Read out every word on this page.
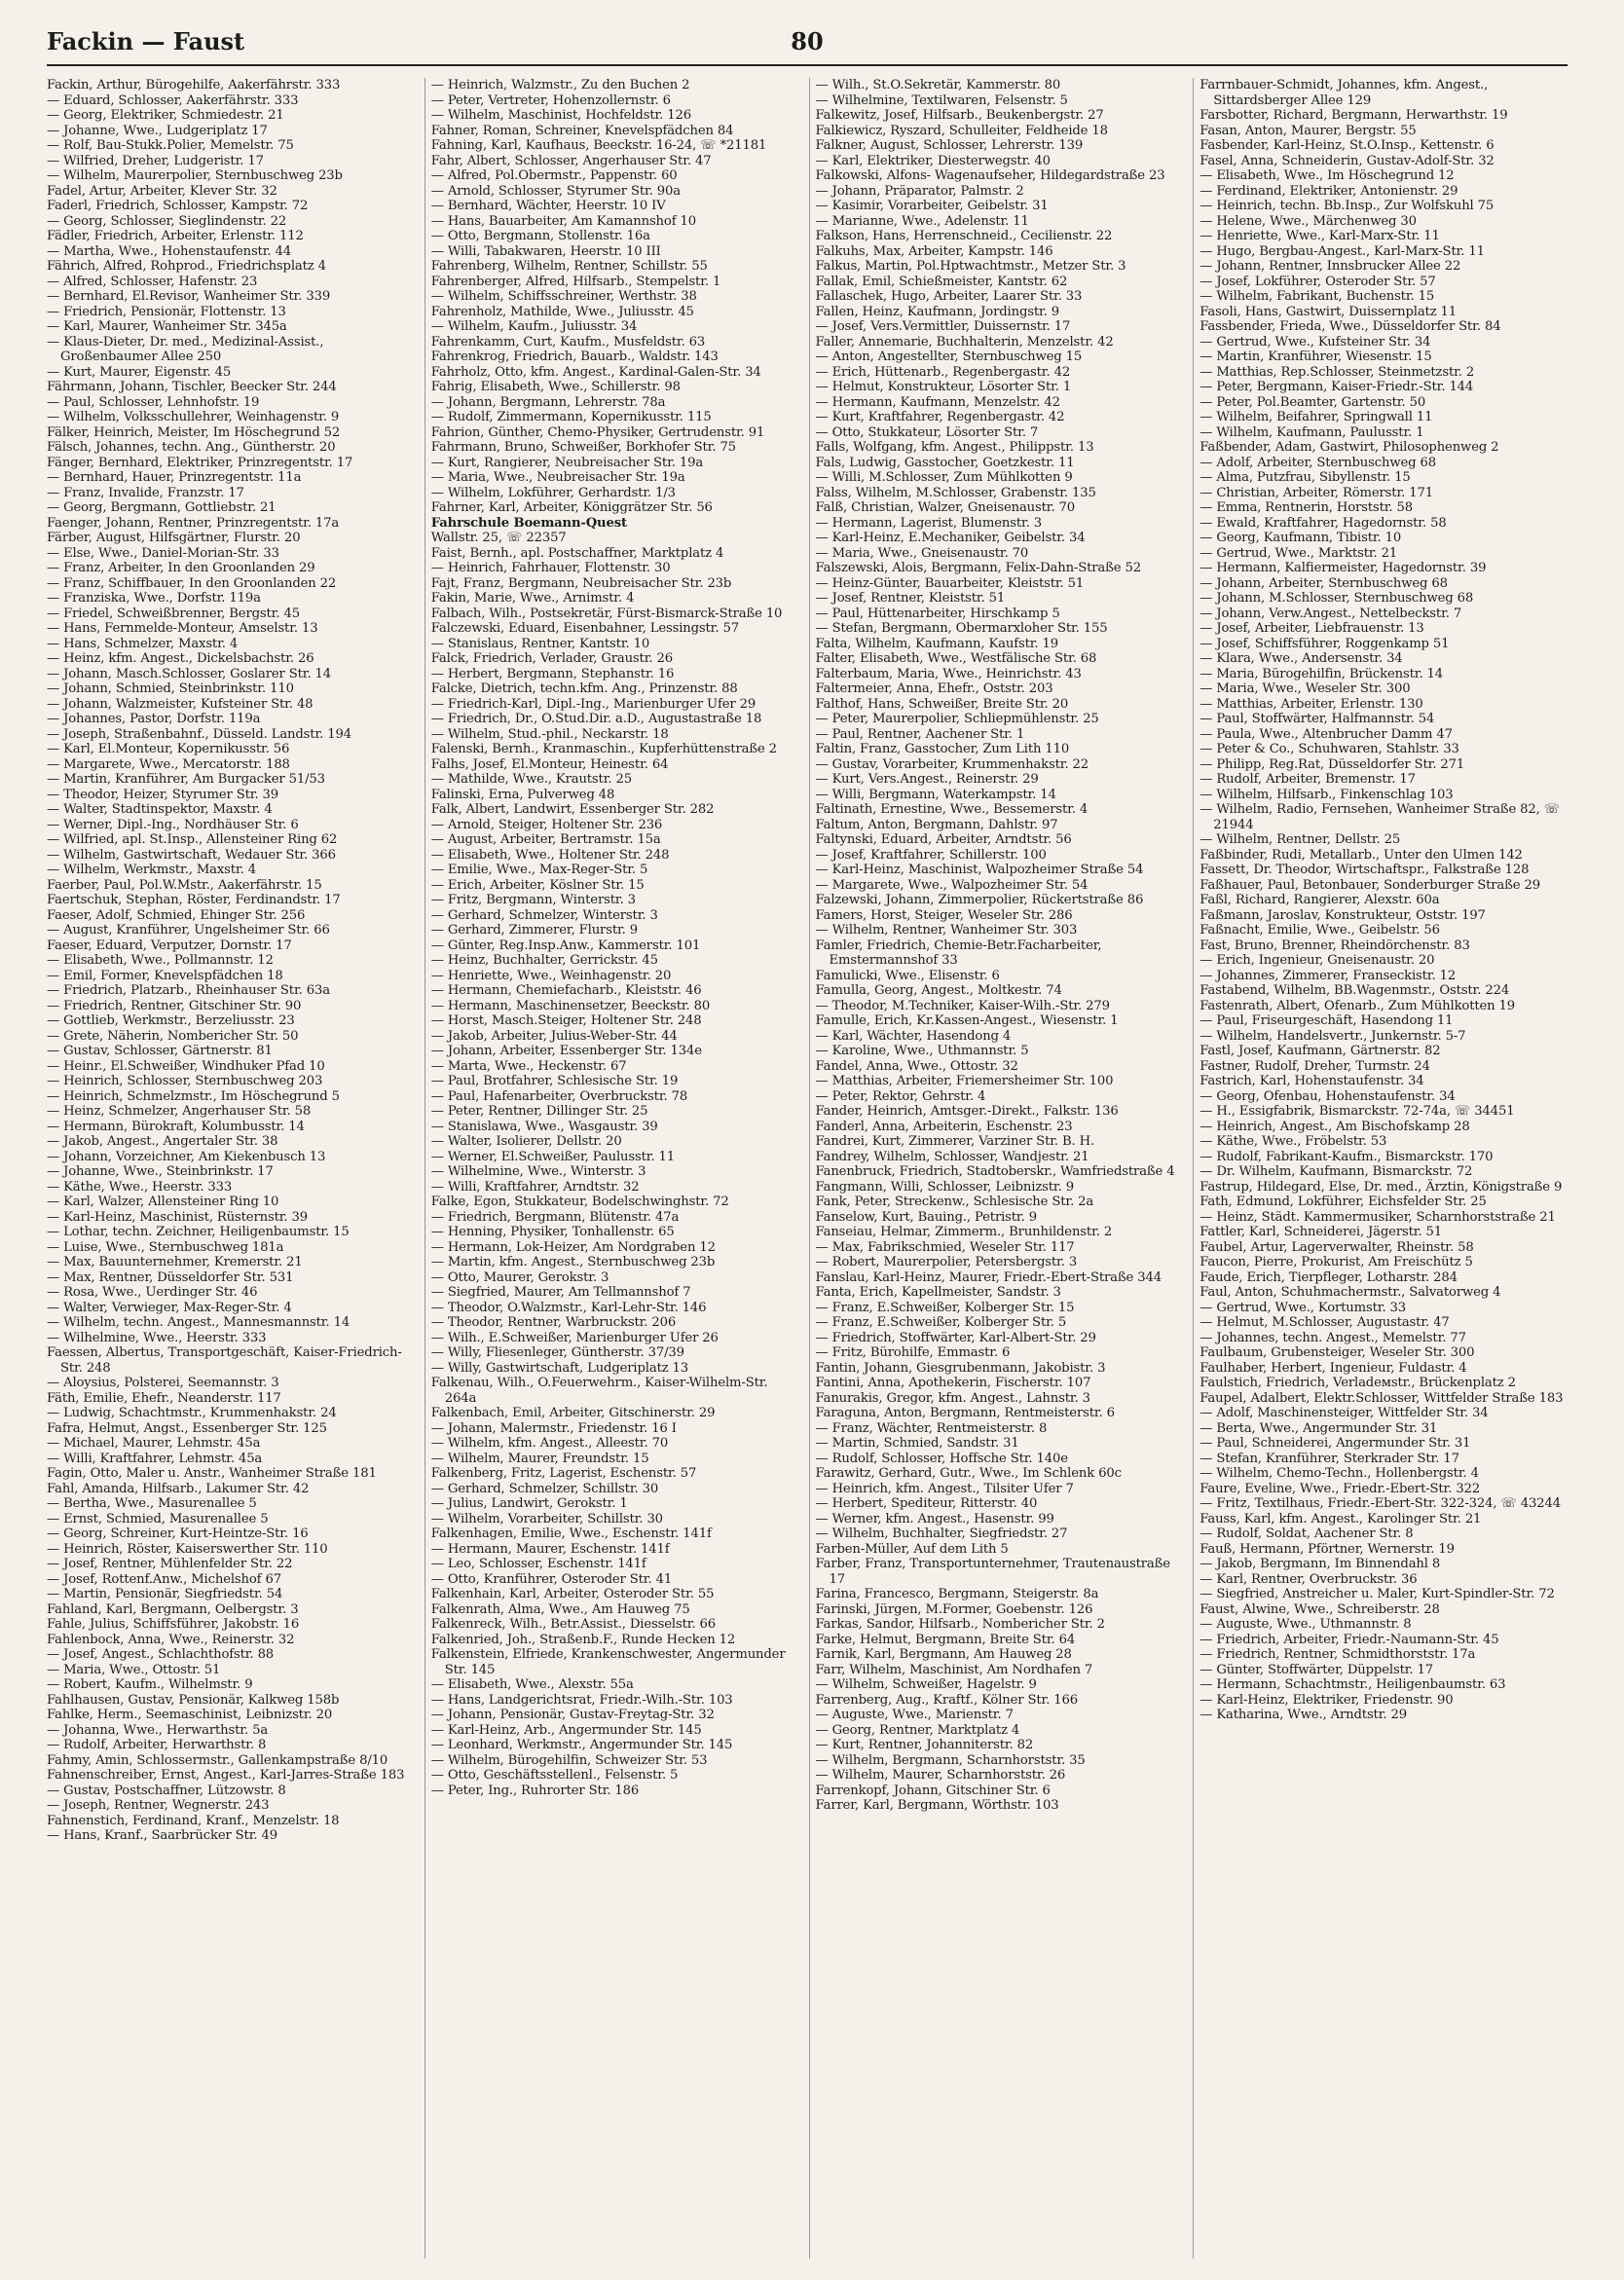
Fackin — Faust	80

Fackin, Arthur, Bürogehilfe, Aakerfährstr. 333

— Eduard, Schlosser, Aakerfährstr. 333

— Georg, Elektriker, Schmiedestr. 21

— Johanne, Wwe., Ludgeriplatz 17

— Rolf, Bau-Stukk.Polier, Memelstr. 75

— Wilfried, Dreher, Ludgeristr. 17

— Wilhelm, Maurerpolier, Sternbuschweg 23b

Fadel, Artur, Arbeiter, Klever Str. 32

Faderl, Friedrich, Schlosser, Kampstr. 72

— Georg, Schlosser, Sieglindenstr. 22

Fädler, Friedrich, Arbeiter, Erlenstr. 112

— Martha, Wwe., Hohenstaufenstr. 44

Fährich, Alfred, Rohprod., Friedrichsplatz 4

— Alfred, Schlosser, Hafenstr. 23

— Bernhard, El.Revisor, Wanheimer Str. 339

— Friedrich, Pensionär, Flottenstr. 13

— Karl, Maurer, Wanheimer Str. 345a

— Klaus-Dieter, Dr. med., Medizinal-Assist., Großenbaumer Allee 250

— Kurt, Maurer, Eigenstr. 45

Fährmann, Johann, Tischler, Beecker Str. 244

— Paul, Schlosser, Lehnhofstr. 19

— Wilhelm, Volksschullehrer, Weinhagenstr. 9

Fälker, Heinrich, Meister, Im Höschegrund 52

Fälsch, Johannes, techn. Ang., Güntherstr. 20

Fänger, Bernhard, Elektriker, Prinzregentstr. 17

— Bernhard, Hauer, Prinzregentstr. 11a

— Franz, Invalide, Franzstr. 17

— Georg, Bergmann, Gottliebstr. 21

Faenger, Johann, Rentner, Prinzregentstr. 17a

Färber, August, Hilfsgärtner, Flurstr. 20

— Else, Wwe., Daniel-Morian-Str. 33

— Franz, Arbeiter, In den Groonlanden 29

— Franz, Schiffbauer, In den Groonlanden 22

— Franziska, Wwe., Dorfstr. 119a

— Friedel, Schweißbrenner, Bergstr. 45

— Hans, Fernmelde-Monteur, Amselstr. 13

— Hans, Schmelzer, Maxstr. 4

— Heinz, kfm. Angest., Dickelsbachstr. 26

— Johann, Masch.Schlosser, Goslarer Str. 14

— Johann, Schmied, Steinbrinkstr. 110

— Johann, Walzmeister, Kufsteiner Str. 48

— Johannes, Pastor, Dorfstr. 119a

— Joseph, Straßenbahnf., Düsseld. Landstr. 194

— Karl, El.Monteur, Kopernikusstr. 56

— Margarete, Wwe., Mercatorstr. 188

— Martin, Kranführer, Am Burgacker 51/53

— Theodor, Heizer, Styrumer Str. 39

— Walter, Stadtinspektor, Maxstr. 4

— Werner, Dipl.-Ing., Nordhäuser Str. 6

— Wilfried, apl. St.Insp., Allensteiner Ring 62

— Wilhelm, Gastwirtschaft, Wedauer Str. 366

— Wilhelm, Werkmstr., Maxstr. 4

Faerber, Paul, Pol.W.Mstr., Aakerfährstr. 15

Faertschuk, Stephan, Röster, Ferdinandstr. 17

Faeser, Adolf, Schmied, Ehinger Str. 256

— August, Kranführer, Ungelsheimer Str. 66

Faeser, Eduard, Verputzer, Dornstr. 17

— Elisabeth, Wwe., Pollmannstr. 12

— Emil, Former, Knevelspfädchen 18

— Friedrich, Platzarb., Rheinhauser Str. 63a

— Friedrich, Rentner, Gitschiner Str. 90

— Gottlieb, Werkmstr., Berzeliusstr. 23

— Grete, Näherin, Nombericher Str. 50

— Gustav, Schlosser, Gärtnerstr. 81

— Heinr., El.Schweißer, Windhuker Pfad 10

— Heinrich, Schlosser, Sternbuschweg 203

— Heinrich, Schmelzmstr., Im Höschegrund 5

— Heinz, Schmelzer, Angerhauser Str. 58

— Hermann, Bürokraft, Kolumbusstr. 14

— Jakob, Angest., Angertaler Str. 38

— Johann, Vorzeichner, Am Kiekenbusch 13

— Johanne, Wwe., Steinbrinkstr. 17

— Käthe, Wwe., Heerstr. 333

— Karl, Walzer, Allensteiner Ring 10

— Karl-Heinz, Maschinist, Rüsternstr. 39

— Lothar, techn. Zeichner, Heiligenbaumstr. 15

— Luise, Wwe., Sternbuschweg 181a

— Max, Bauunternehmer, Kremerstr. 21

— Max, Rentner, Düsseldorfer Str. 531

— Rosa, Wwe., Uerdinger Str. 46

— Walter, Verwieger, Max-Reger-Str. 4

— Wilhelm, techn. Angest., Mannesmannstr. 14

— Wilhelmine, Wwe., Heerstr. 333

Faessen, Albertus, Transportgeschäft, Kaiser-Friedrich-Str. 248

— Aloysius, Polsterei, Seemannstr. 3

Fäth, Emilie, Ehefr., Neanderstr. 117

— Ludwig, Schachtmstr., Krummenhakstr. 24

Fafra, Helmut, Angst., Essenberger Str. 125

— Michael, Maurer, Lehmstr. 45a

— Willi, Kraftfahrer, Lehmstr. 45a

Fagin, Otto, Maler u. Anstr., Wanheimer Straße 181

Fahl, Amanda, Hilfsarb., Lakumer Str. 42

— Bertha, Wwe., Masurenallee 5

— Ernst, Schmied, Masurenallee 5

— Georg, Schreiner, Kurt-Heintze-Str. 16

— Heinrich, Röster, Kaiserswerther Str. 110

— Josef, Rentner, Mühlenfelder Str. 22

— Josef, Rottenf.Anw., Michelshof 67

— Martin, Pensionär, Siegfriedstr. 54

Fahland, Karl, Bergmann, Oelbergstr. 3

Fahle, Julius, Schiffsführer, Jakobstr. 16

Fahlenbock, Anna, Wwe., Reinerstr. 32

— Josef, Angest., Schlachthofstr. 88

— Maria, Wwe., Ottostr. 51

— Robert, Kaufm., Wilhelmstr. 9

Fahlhausen, Gustav, Pensionär, Kalkweg 158b

Fahlke, Herm., Seemaschinist, Leibnizstr. 20

— Johanna, Wwe., Herwarthstr. 5a

— Rudolf, Arbeiter, Herwarthstr. 8

Fahmy, Amin, Schlossermstr., Gallenkampstraße 8/10

Fahnenschreiber, Ernst, Angest., Karl-Jarres-Straße 183

— Gustav, Postschaffner, Lützowstr. 8

— Joseph, Rentner, Wegnerstr. 243

Fahnenstich, Ferdinand, Kranf., Menzelstr. 18

— Hans, Kranf., Saarbrücker Str. 49

— Heinrich, Walzmstr., Zu den Buchen 2

— Peter, Vertreter, Hohenzollernstr. 6

— Wilhelm, Maschinist, Hochfeldstr. 126

Fahner, Roman, Schreiner, Knevelspfädchen 84

Fahning, Karl, Kaufhaus, Beeckstr. 16-24, ☏ *21181

Fahr, Albert, Schlosser, Angerhauser Str. 47

— Alfred, Pol.Obermstr., Pappenstr. 60

— Arnold, Schlosser, Styrumer Str. 90a

— Bernhard, Wächter, Heerstr. 10 IV

— Hans, Bauarbeiter, Am Kamannshof 10

— Otto, Bergmann, Stollenstr. 16a

— Willi, Tabakwaren, Heerstr. 10 III

Fahrenberg, Wilhelm, Rentner, Schillstr. 55

Fahrenberger, Alfred, Hilfsarb., Stempelstr. 1

— Wilhelm, Schiffsschreiner, Werthstr. 38

Fahrenholz, Mathilde, Wwe., Juliusstr. 45

— Wilhelm, Kaufm., Juliusstr. 34

Fahrenkamm, Curt, Kaufm., Musfeldstr. 63

Fahrenkrog, Friedrich, Bauarb., Waldstr. 143

Fahrholz, Otto, kfm. Angest., Kardinal-Galen-Str. 34

Fahrig, Elisabeth, Wwe., Schillerstr. 98

— Johann, Bergmann, Lehrerstr. 78a

— Rudolf, Zimmermann, Kopernikusstr. 115

Fahrion, Günther, Chemo-Physiker, Gertrudenstr. 91

Fahrmann, Bruno, Schweißer, Borkhofer Str. 75

— Kurt, Rangierer, Neubreisacher Str. 19a

— Maria, Wwe., Neubreisacher Str. 19a

— Wilhelm, Lokführer, Gerhardstr. 1/3

Fahrner, Karl, Arbeiter, Königgrätzer Str. 56

Fahrschule Boemann-Quest

Wallstr. 25, ☏ 22357

Faist, Bernh., apl. Postschaffner, Marktplatz 4

— Heinrich, Fahrhauer, Flottenstr. 30

Fajt, Franz, Bergmann, Neubreisacher Str. 23b

Fakin, Marie, Wwe., Arnimstr. 4

Falbach, Wilh., Postsekretär, Fürst-Bismarck-Straße 10

Falczewski, Eduard, Eisenbahner, Lessingstr. 57

— Stanislaus, Rentner, Kantstr. 10

Falck, Friedrich, Verlader, Graustr. 26

— Herbert, Bergmann, Stephanstr. 16

Falcke, Dietrich, techn.kfm. Ang., Prinzenstr. 88

— Friedrich-Karl, Dipl.-Ing., Marienburger Ufer 29

— Friedrich, Dr., O.Stud.Dir. a.D., Augustastraße 18

— Wilhelm, Stud.-phil., Neckarstr. 18

Falenski, Bernh., Kranmaschin., Kupferhüttenstraße 2

Falhs, Josef, El.Monteur, Heinestr. 64

— Mathilde, Wwe., Krautstr. 25

Falinski, Erna, Pulverweg 48

Falk, Albert, Landwirt, Essenberger Str. 282

— Arnold, Steiger, Holtener Str. 236

— August, Arbeiter, Bertramstr. 15a

— Elisabeth, Wwe., Holtener Str. 248

— Emilie, Wwe., Max-Reger-Str. 5

— Erich, Arbeiter, Köslner Str. 15

— Fritz, Bergmann, Winterstr. 3

— Gerhard, Schmelzer, Winterstr. 3

— Gerhard, Zimmerer, Flurstr. 9

— Günter, Reg.Insp.Anw., Kammerstr. 101

— Heinz, Buchhalter, Gerrickstr. 45

— Henriette, Wwe., Weinhagenstr. 20

— Hermann, Chemiefacharb., Kleiststr. 46

— Hermann, Maschinensetzer, Beeckstr. 80

— Horst, Masch.Steiger, Holtener Str. 248

— Jakob, Arbeiter, Julius-Weber-Str. 44

— Johann, Arbeiter, Essenberger Str. 134e

— Marta, Wwe., Heckenstr. 67

— Paul, Brotfahrer, Schlesische Str. 19

— Paul, Hafenarbeiter, Overbruckstr. 78

— Peter, Rentner, Dillinger Str. 25

— Stanislawa, Wwe., Wasgaustr. 39

— Walter, Isolierer, Dellstr. 20

— Werner, El.Schweißer, Paulusstr. 11

— Wilhelmine, Wwe., Winterstr. 3

— Willi, Kraftfahrer, Arndtstr. 32

Falke, Egon, Stukkateur, Bodelschwinghstr. 72

— Friedrich, Bergmann, Blütenstr. 47a

— Henning, Physiker, Tonhallenstr. 65

— Hermann, Lok-Heizer, Am Nordgraben 12

— Martin, kfm. Angest., Sternbuschweg 23b

— Otto, Maurer, Gerokstr. 3

— Siegfried, Maurer, Am Tellmannshof 7

— Theodor, O.Walzmstr., Karl-Lehr-Str. 146

— Theodor, Rentner, Warbruckstr. 206

— Wilh., E.Schweißer, Marienburger Ufer 26

— Willy, Fliesenleger, Güntherstr. 37/39

— Willy, Gastwirtschaft, Ludgeriplatz 13

Falkenau, Wilh., O.Feuerwehrm., Kaiser-Wilhelm-Str. 264a

Falkenbach, Emil, Arbeiter, Gitschinerstr. 29

— Johann, Malermstr., Friedenstr. 16 I

— Wilhelm, kfm. Angest., Alleestr. 70

— Wilhelm, Maurer, Freundstr. 15

Falkenberg, Fritz, Lagerist, Eschenstr. 57

— Gerhard, Schmelzer, Schillstr. 30

— Julius, Landwirt, Gerokstr. 1

— Wilhelm, Vorarbeiter, Schillstr. 30

Falkenhagen, Emilie, Wwe., Eschenstr. 141f

— Hermann, Maurer, Eschenstr. 141f

— Leo, Schlosser, Eschenstr. 141f

— Otto, Kranführer, Osteroder Str. 41

Falkenhain, Karl, Arbeiter, Osteroder Str. 55

Falkenrath, Alma, Wwe., Am Hauweg 75

Falkenreck, Wilh., Betr.Assist., Diesselstr. 66

Falkenried, Joh., Straßenb.F., Runde Hecken 12

Falkenstein, Elfriede, Krankenschwester, Angermunder Str. 145

— Elisabeth, Wwe., Alexstr. 55a

— Hans, Landgerichtsrat, Friedr.-Wilh.-Str. 103

— Johann, Pensionär, Gustav-Freytag-Str. 32

— Karl-Heinz, Arb., Angermunder Str. 145

— Leonhard, Werkmstr., Angermunder Str. 145

— Wilhelm, Bürogehilfin, Schweizer Str. 53

— Otto, Geschäftsstellenl., Felsenstr. 5

— Peter, Ing., Ruhrorter Str. 186

— Wilh., St.O.Sekretär, Kammerstr. 80

— Wilhelmine, Textilwaren, Felsenstr. 5

Falkewitz, Josef, Hilfsarb., Beukenbergstr. 27

Falkiewicz, Ryszard, Schulleiter, Feldheide 18

Falkner, August, Schlosser, Lehrerstr. 139

— Karl, Elektriker, Diesterwegstr. 40

Falkowski, Alfons- Wagenaufseher, Hildegardstraße 23

— Johann, Präparator, Palmstr. 2

— Kasimir, Vorarbeiter, Geibelstr. 31

— Marianne, Wwe., Adelenstr. 11

Falkson, Hans, Herrenschneid., Cecilienstr. 22

Falkuhs, Max, Arbeiter, Kampstr. 146

Falkus, Martin, Pol.Hptwachtmstr., Metzer Str. 3

Fallak, Emil, Schießmeister, Kantstr. 62

Fallaschek, Hugo, Arbeiter, Laarer Str. 33

Fallen, Heinz, Kaufmann, Jordingstr. 9

— Josef, Vers.Vermittler, Duissernstr. 17

Faller, Annemarie, Buchhalterin, Menzelstr. 42

— Anton, Angestellter, Sternbuschweg 15

— Erich, Hüttenarb., Regenbergastr. 42

— Helmut, Konstrukteur, Lösorter Str. 1

— Hermann, Kaufmann, Menzelstr. 42

— Kurt, Kraftfahrer, Regenbergastr. 42

— Otto, Stukkateur, Lösorter Str. 7

Falls, Wolfgang, kfm. Angest., Philippstr. 13

Fals, Ludwig, Gasstocher, Goetzkestr. 11

— Willi, M.Schlosser, Zum Mühlkotten 9

Falss, Wilhelm, M.Schlosser, Grabenstr. 135

Falß, Christian, Walzer, Gneisenaustr. 70

— Hermann, Lagerist, Blumenstr. 3

— Karl-Heinz, E.Mechaniker, Geibelstr. 34

— Maria, Wwe., Gneisenaustr. 70

Falszewski, Alois, Bergmann, Felix-Dahn-Straße 52

— Heinz-Günter, Bauarbeiter, Kleiststr. 51

— Josef, Rentner, Kleiststr. 51

— Paul, Hüttenarbeiter, Hirschkamp 5

— Stefan, Bergmann, Obermarxloher Str. 155

Falta, Wilhelm, Kaufmann, Kaufstr. 19

Falter, Elisabeth, Wwe., Westfälische Str. 68

Falterbaum, Maria, Wwe., Heinrichstr. 43

Faltermeier, Anna, Ehefr., Oststr. 203

Falthof, Hans, Schweißer, Breite Str. 20

— Peter, Maurerpolier, Schliepmühlenstr. 25

— Paul, Rentner, Aachener Str. 1

Faltin, Franz, Gasstocher, Zum Lith 110

— Gustav, Vorarbeiter, Krummenhakstr. 22

— Kurt, Vers.Angest., Reinerstr. 29

— Willi, Bergmann, Waterkampstr. 14

Faltinath, Ernestine, Wwe., Bessemerstr. 4

Faltum, Anton, Bergmann, Dahlstr. 97

Faltynski, Eduard, Arbeiter, Arndtstr. 56

— Josef, Kraftfahrer, Schillerstr. 100

— Karl-Heinz, Maschinist, Walpozheimer Straße 54

— Margarete, Wwe., Walpozheimer Str. 54

Falzewski, Johann, Zimmerpolier, Rückertstraße 86

Famers, Horst, Steiger, Weseler Str. 286

— Wilhelm, Rentner, Wanheimer Str. 303

Famler, Friedrich, Chemie-Betr.Facharbeiter, Emstermannshof 33

Famulicki, Wwe., Elisenstr. 6

Famulla, Georg, Angest., Moltkestr. 74

— Theodor, M.Techniker, Kaiser-Wilh.-Str. 279

Famulle, Erich, Kr.Kassen-Angest., Wiesenstr. 1

— Karl, Wächter, Hasendong 4

— Karoline, Wwe., Uthmannstr. 5

Fandel, Anna, Wwe., Ottostr. 32

— Matthias, Arbeiter, Friemersheimer Str. 100

— Peter, Rektor, Gehrstr. 4

Fander, Heinrich, Amtsger.-Direkt., Falkstr. 136

Fanderl, Anna, Arbeiterin, Eschenstr. 23

Fandrei, Kurt, Zimmerer, Varziner Str. B. H.

Fandrey, Wilhelm, Schlosser, Wandjestr. 21

Fanenbruck, Friedrich, Stadtoberskr., Wamfriedstraße 4

Fangmann, Willi, Schlosser, Leibnizstr. 9

Fank, Peter, Streckenw., Schlesische Str. 2a

Fanselow, Kurt, Bauing., Petristr. 9

Fanseiau, Helmar, Zimmerm., Brunhildenstr. 2

— Max, Fabrikschmied, Weseler Str. 117

— Robert, Maurerpolier, Petersbergstr. 3

Fanslau, Karl-Heinz, Maurer, Friedr.-Ebert-Straße 344

Fanta, Erich, Kapellmeister, Sandstr. 3

— Franz, E.Schweißer, Kolberger Str. 15

— Franz, E.Schweißer, Kolberger Str. 5

— Friedrich, Stoffwärter, Karl-Albert-Str. 29

— Fritz, Bürohilfe, Emmastr. 6

Fantin, Johann, Giesgrubenmann, Jakobistr. 3

Fantini, Anna, Apothekerin, Fischerstr. 107

Fanurakis, Gregor, kfm. Angest., Lahnstr. 3

Faraguna, Anton, Bergmann, Rentmeisterstr. 6

— Franz, Wächter, Rentmeisterstr. 8

— Martin, Schmied, Sandstr. 31

— Rudolf, Schlosser, Hoffsche Str. 140e

Farawitz, Gerhard, Gutr., Wwe., Im Schlenk 60c

— Heinrich, kfm. Angest., Tilsiter Ufer 7

— Herbert, Spediteur, Ritterstr. 40

— Werner, kfm. Angest., Hasenstr. 99

— Wilhelm, Buchhalter, Siegfriedstr. 27

Farben-Müller, Auf dem Lith 5

Farber, Franz, Transportunternehmer, Trautenaustraße 17

Farina, Francesco, Bergmann, Steigerstr. 8a

Farinski, Jürgen, M.Former, Goebenstr. 126

Farkas, Sandor, Hilfsarb., Nombericher Str. 2

Farke, Helmut, Bergmann, Breite Str. 64

Farnik, Karl, Bergmann, Am Hauweg 28

Farr, Wilhelm, Maschinist, Am Nordhafen 7

— Wilhelm, Schweißer, Hagelstr. 9

Farrenberg, Aug., Kraftf., Kölner Str. 166

— Auguste, Wwe., Marienstr. 7

— Georg, Rentner, Marktplatz 4

— Kurt, Rentner, Johanniterstr. 82

— Wilhelm, Bergmann, Scharnhorststr. 35

— Wilhelm, Maurer, Scharnhorststr. 26

Farrenkopf, Johann, Gitschiner Str. 6

Farrer, Karl, Bergmann, Wörthstr. 103

Farrnbauer-Schmidt, Johannes, kfm. Angest., Sittardsberger Allee 129

Farsbotter, Richard, Bergmann, Herwarthstr. 19

Fasan, Anton, Maurer, Bergstr. 55

Fasbender, Karl-Heinz, St.O.Insp., Kettenstr. 6

Fasel, Anna, Schneiderin, Gustav-Adolf-Str. 32

— Elisabeth, Wwe., Im Höschegrund 12

— Ferdinand, Elektriker, Antonienstr. 29

— Heinrich, techn. Bb.Insp., Zur Wolfskuhl 75

— Helene, Wwe., Märchenweg 30

— Henriette, Wwe., Karl-Marx-Str. 11

— Hugo, Bergbau-Angest., Karl-Marx-Str. 11

— Johann, Rentner, Innsbrucker Allee 22

— Josef, Lokführer, Osteroder Str. 57

— Wilhelm, Fabrikant, Buchenstr. 15

Fasoli, Hans, Gastwirt, Duissernplatz 11

Fassbender, Frieda, Wwe., Düsseldorfer Str. 84

— Gertrud, Wwe., Kufsteiner Str. 34

— Martin, Kranführer, Wiesenstr. 15

— Matthias, Rep.Schlosser, Steinmetzstr. 2

— Peter, Bergmann, Kaiser-Friedr.-Str. 144

— Peter, Pol.Beamter, Gartenstr. 50

— Wilhelm, Beifahrer, Springwall 11

— Wilhelm, Kaufmann, Paulusstr. 1

Faßbender, Adam, Gastwirt, Philosophenweg 2

— Adolf, Arbeiter, Sternbuschweg 68

— Alma, Putzfrau, Sibyllenstr. 15

— Christian, Arbeiter, Römerstr. 171

— Emma, Rentnerin, Horststr. 58

— Ewald, Kraftfahrer, Hagedornstr. 58

— Georg, Kaufmann, Tibistr. 10

— Gertrud, Wwe., Marktstr. 21

— Hermann, Kalfiermeister, Hagedornstr. 39

— Johann, Arbeiter, Sternbuschweg 68

— Johann, M.Schlosser, Sternbuschweg 68

— Johann, Verw.Angest., Nettelbeckstr. 7

— Josef, Arbeiter, Liebfrauenstr. 13

— Josef, Schiffsführer, Roggenkamp 51

— Klara, Wwe., Andersenstr. 34

— Maria, Bürogehilfin, Brückenstr. 14

— Maria, Wwe., Weseler Str. 300

— Matthias, Arbeiter, Erlenstr. 130

— Paul, Stoffwärter, Halfmannstr. 54

— Paula, Wwe., Altenbrucher Damm 47

— Peter & Co., Schuhwaren, Stahlstr. 33

— Philipp, Reg.Rat, Düsseldorfer Str. 271

— Rudolf, Arbeiter, Bremenstr. 17

— Wilhelm, Hilfsarb., Finkenschlag 103

— Wilhelm, Radio, Fernsehen, Wanheimer Straße 82, ☏ 21944

— Wilhelm, Rentner, Dellstr. 25

Faßbinder, Rudi, Metallarb., Unter den Ulmen 142

Fassett, Dr. Theodor, Wirtschaftspr., Falkstraße 128

Faßhauer, Paul, Betonbauer, Sonderburger Straße 29

Faßl, Richard, Rangierer, Alexstr. 60a

Faßmann, Jaroslav, Konstrukteur, Oststr. 197

Faßnacht, Emilie, Wwe., Geibelstr. 56

Fast, Bruno, Brenner, Rheindörchenstr. 83

— Erich, Ingenieur, Gneisenaustr. 20

— Johannes, Zimmerer, Franseckistr. 12

Fastabend, Wilhelm, BB.Wagenmstr., Oststr. 224

Fastenrath, Albert, Ofenarb., Zum Mühlkotten 19

— Paul, Friseurgeschäft, Hasendong 11

— Wilhelm, Handelsvertr., Junkernstr. 5-7

Fastl, Josef, Kaufmann, Gärtnerstr. 82

Fastner, Rudolf, Dreher, Turmstr. 24

Fastrich, Karl, Hohenstaufenstr. 34

— Georg, Ofenbau, Hohenstaufenstr. 34

— H., Essigfabrik, Bismarckstr. 72-74a, ☏ 34451

— Heinrich, Angest., Am Bischofskamp 28

— Käthe, Wwe., Fröbelstr. 53

— Rudolf, Fabrikant-Kaufm., Bismarckstr. 170

— Dr. Wilhelm, Kaufmann, Bismarckstr. 72

Fastrup, Hildegard, Else, Dr. med., Ärztin, Königstraße 9

Fath, Edmund, Lokführer, Eichsfelder Str. 25

— Heinz, Städt. Kammermusiker, Scharnhorststraße 21

Fattler, Karl, Schneiderei, Jägerstr. 51

Faubel, Artur, Lagerverwalter, Rheinstr. 58

Faucon, Pierre, Prokurist, Am Freischütz 5

Faude, Erich, Tierpfleger, Lotharstr. 284

Faul, Anton, Schuhmachermstr., Salvatorweg 4

— Gertrud, Wwe., Kortumstr. 33

— Helmut, M.Schlosser, Augustastr. 47

— Johannes, techn. Angest., Memelstr. 77

Faulbaum, Grubensteiger, Weseler Str. 300

Faulhaber, Herbert, Ingenieur, Fuldastr. 4

Faulstich, Friedrich, Verladeмstr., Brückenplatz 2

Faupel, Adalbert, Elektr.Schlosser, Wittfelder Straße 183

— Adolf, Maschinensteiger, Wittfelder Str. 34

— Berta, Wwe., Angermunder Str. 31

— Paul, Schneiderei, Angermunder Str. 31

— Stefan, Kranführer, Sterkrader Str. 17

— Wilhelm, Chemo-Techn., Hollenbergstr. 4

Faure, Eveline, Wwe., Friedr.-Ebert-Str. 322

— Fritz, Textilhaus, Friedr.-Ebert-Str. 322-324, ☏ 43244

Fauss, Karl, kfm. Angest., Karolinger Str. 21

— Rudolf, Soldat, Aachener Str. 8

Fauß, Hermann, Pförtner, Wernerstr. 19

— Jakob, Bergmann, Im Binnendahl 8

— Karl, Rentner, Overbruckstr. 36

— Siegfried, Anstreicher u. Maler, Kurt-Spindler-Str. 72

Faust, Alwine, Wwe., Schreiberstr. 28

— Auguste, Wwe., Uthmannstr. 8

— Friedrich, Arbeiter, Friedr.-Naumann-Str. 45

— Friedrich, Rentner, Schmidthorststr. 17a

— Günter, Stoffwärter, Düppelstr. 17

— Hermann, Schachtmstr., Heiligenbaumstr. 63

— Karl-Heinz, Elektriker, Friedenstr. 90

— Katharina, Wwe., Arndtstr. 29
